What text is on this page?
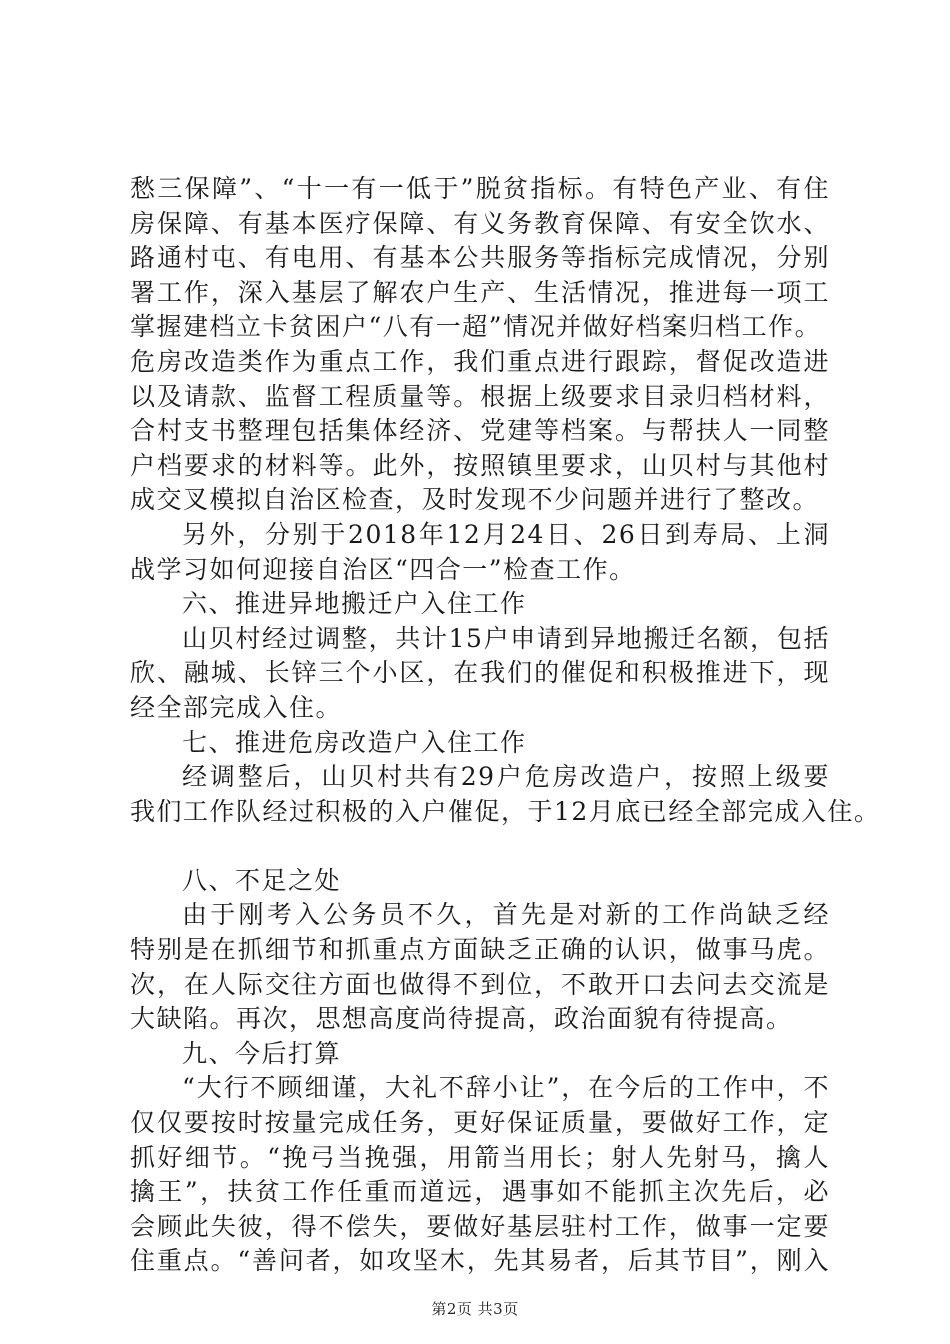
愁三保障”、“十一有一低于”脱贫指标。有特色产业、有住
房保障、有基本医疗保障、有义务教育保障、有安全饮水、
路通村屯、有电用、有基本公共服务等指标完成情况，分别
署工作，深入基层了解农户生产、生活情况，推进每一项工
掌握建档立卡贫困户“八有一超”情况并做好档案归档工作。
危房改造类作为重点工作，我们重点进行跟踪，督促改造进
以及请款、监督工程质量等。根据上级要求目录归档材料，
合村支书整理包括集体经济、党建等档案。与帮扶人一同整
户档要求的材料等。此外，按照镇里要求，山贝村与其他村
成交叉模拟自治区检查，及时发现不少问题并进行了整改。
另外，分别于2018年12月24日、26日到寿局、上洞
战学习如何迎接自治区“四合一”检查工作。
六、推进异地搬迁户入住工作
山贝村经过调整，共计15户申请到异地搬迁名额，包括
欣、融城、长锌三个小区，在我们的催促和积极推进下，现
经全部完成入住。
七、推进危房改造户入住工作
经调整后，山贝村共有29户危房改造户，按照上级要
我们工作队经过积极的入户催促，于12月底已经全部完成入住。
八、不足之处
由于刚考入公务员不久，首先是对新的工作尚缺乏经
特别是在抓细节和抓重点方面缺乏正确的认识，做事马虎。
次，在人际交往方面也做得不到位，不敢开口去问去交流是
大缺陷。再次，思想高度尚待提高，政治面貌有待提高。
九、今后打算
“大行不顾细谨，大礼不辞小让”，在今后的工作中，不
仅仅要按时按量完成任务，更好保证质量，要做好工作，定
抓好细节。“挽弓当挽强，用箭当用长；射人先射马，擒人
擒王”，扶贫工作任重而道远，遇事如不能抓主次先后，必
会顾此失彼，得不偿失，要做好基层驻村工作，做事一定要
住重点。“善问者，如攻坚木，先其易者，后其节目”，刚入
第2页 共3页
